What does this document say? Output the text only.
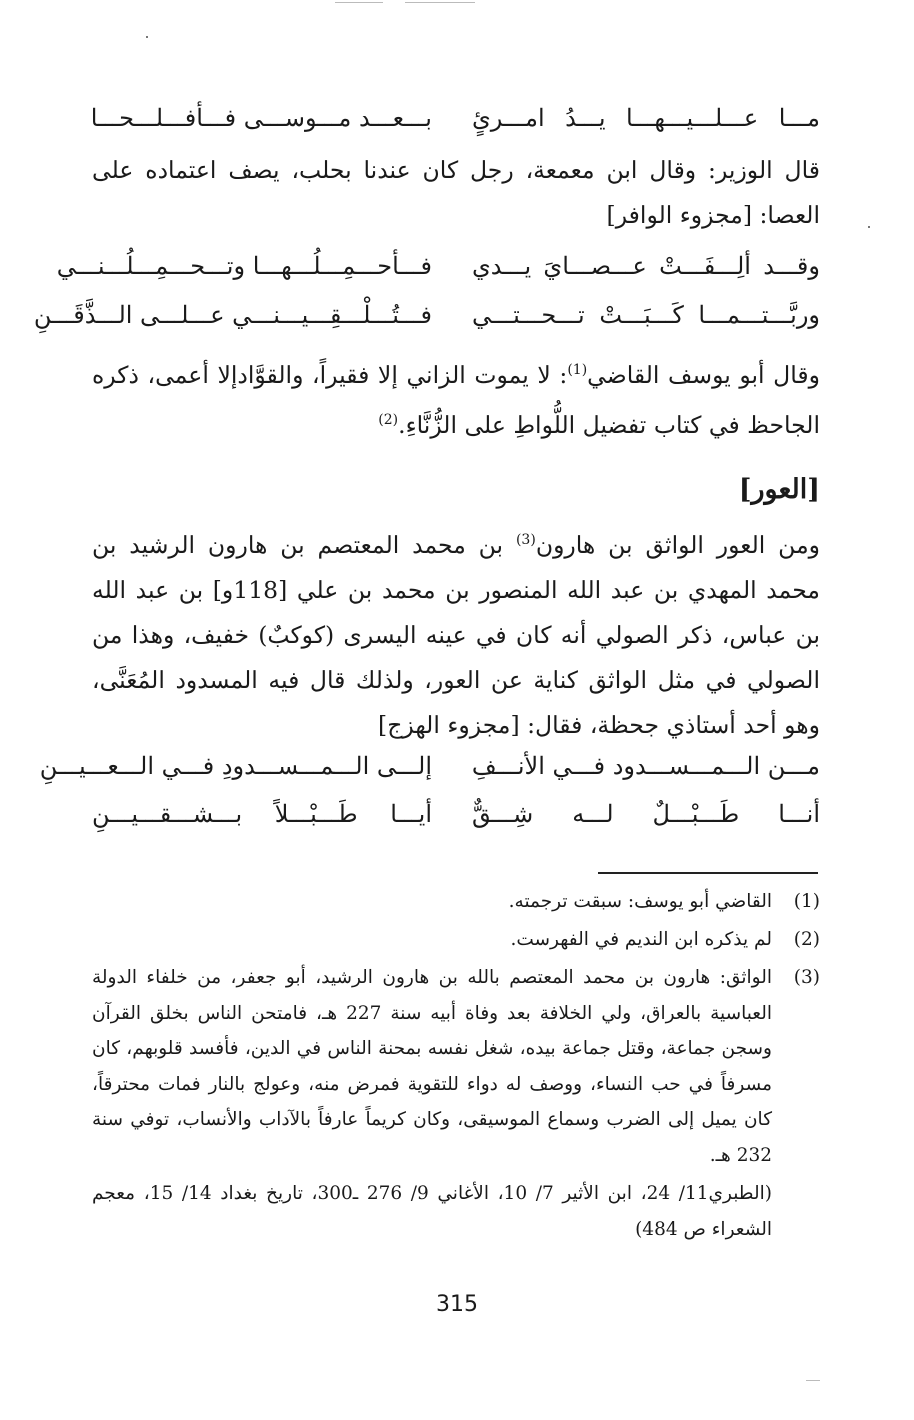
مـــا عـــلـــيـــهـــا يـــدُ امـــرئٍ
بـــعـــد مـــوســـى فـــأفـــلـــحـــا
قال الوزير: وقال ابن معمعة، رجل كان عندنا بحلب، يصف اعتماده على العصا: [مجزوء الوافر]
وقـــد ألِـــفَـــتْ عـــصـــايَ يـــدي
فـــأحـــمِـــلُـــهـــا وتـــحـــمِـــلُـــنـــي
وربَّـــتـــمـــا كَـــبَـــتْ تـــحـــتـــي
فـــتُـــلْـــقِـــيـــنـــي عـــلـــى الـــذَّقَـــنِ
وقال أبو يوسف القاضي$^{(1)}$: لا يموت الزاني إلا فقيراً، والقوَّادإلا أعمى، ذكره الجاحظ في كتاب تفضيل اللُّواطِ على الزُّنَّاءِ.$^{(2)}$
[العور]
ومن العور الواثق بن هارون$^{(3)}$ بن محمد المعتصم بن هارون الرشيد بن محمد المهدي بن عبد الله المنصور بن محمد بن علي [118و] بن عبد الله بن عباس، ذكر الصولي أنه كان في عينه اليسرى (كوكبٌ) خفيف، وهذا من الصولي في مثل الواثق كناية عن العور، ولذلك قال فيه المسدود المُعَنَّى، وهو أحد أستاذي جحظة، فقال: [مجزوء الهزج]
مـــن الـــمـــســـدود فـــي الأنـــفِ
إلـــى الـــمـــســـدودِ فـــي الـــعـــيـــنِ
أنـــا طَـــبْـــلٌ لـــه شِـــقٌّ
أيـــا طَـــبْـــلاً بـــشـــقـــيـــنِ
(1)
القاضي أبو يوسف: سبقت ترجمته.
(2)
لم يذكره ابن النديم في الفهرست.
(3)
الواثق: هارون بن محمد المعتصم بالله بن هارون الرشيد، أبو جعفر، من خلفاء الدولة العباسية بالعراق، ولي الخلافة بعد وفاة أبيه سنة 227 هـ، فامتحن الناس بخلق القرآن وسجن جماعة، وقتل جماعة بيده، شغل نفسه بمحنة الناس في الدين، فأفسد قلوبهم، كان مسرفاً في حب النساء، ووصف له دواء للتقوية فمرض منه، وعولج بالنار فمات محترقاً، كان يميل إلى الضرب وسماع الموسيقى، وكان كريماً عارفاً بالآداب والأنساب، توفي سنة 232 هـ.
(الطبري11/ 24، ابن الأثير 7/ 10، الأغاني 9/ 276 ـ300، تاريخ بغداد 14/ 15، معجم الشعراء ص 484)
315
